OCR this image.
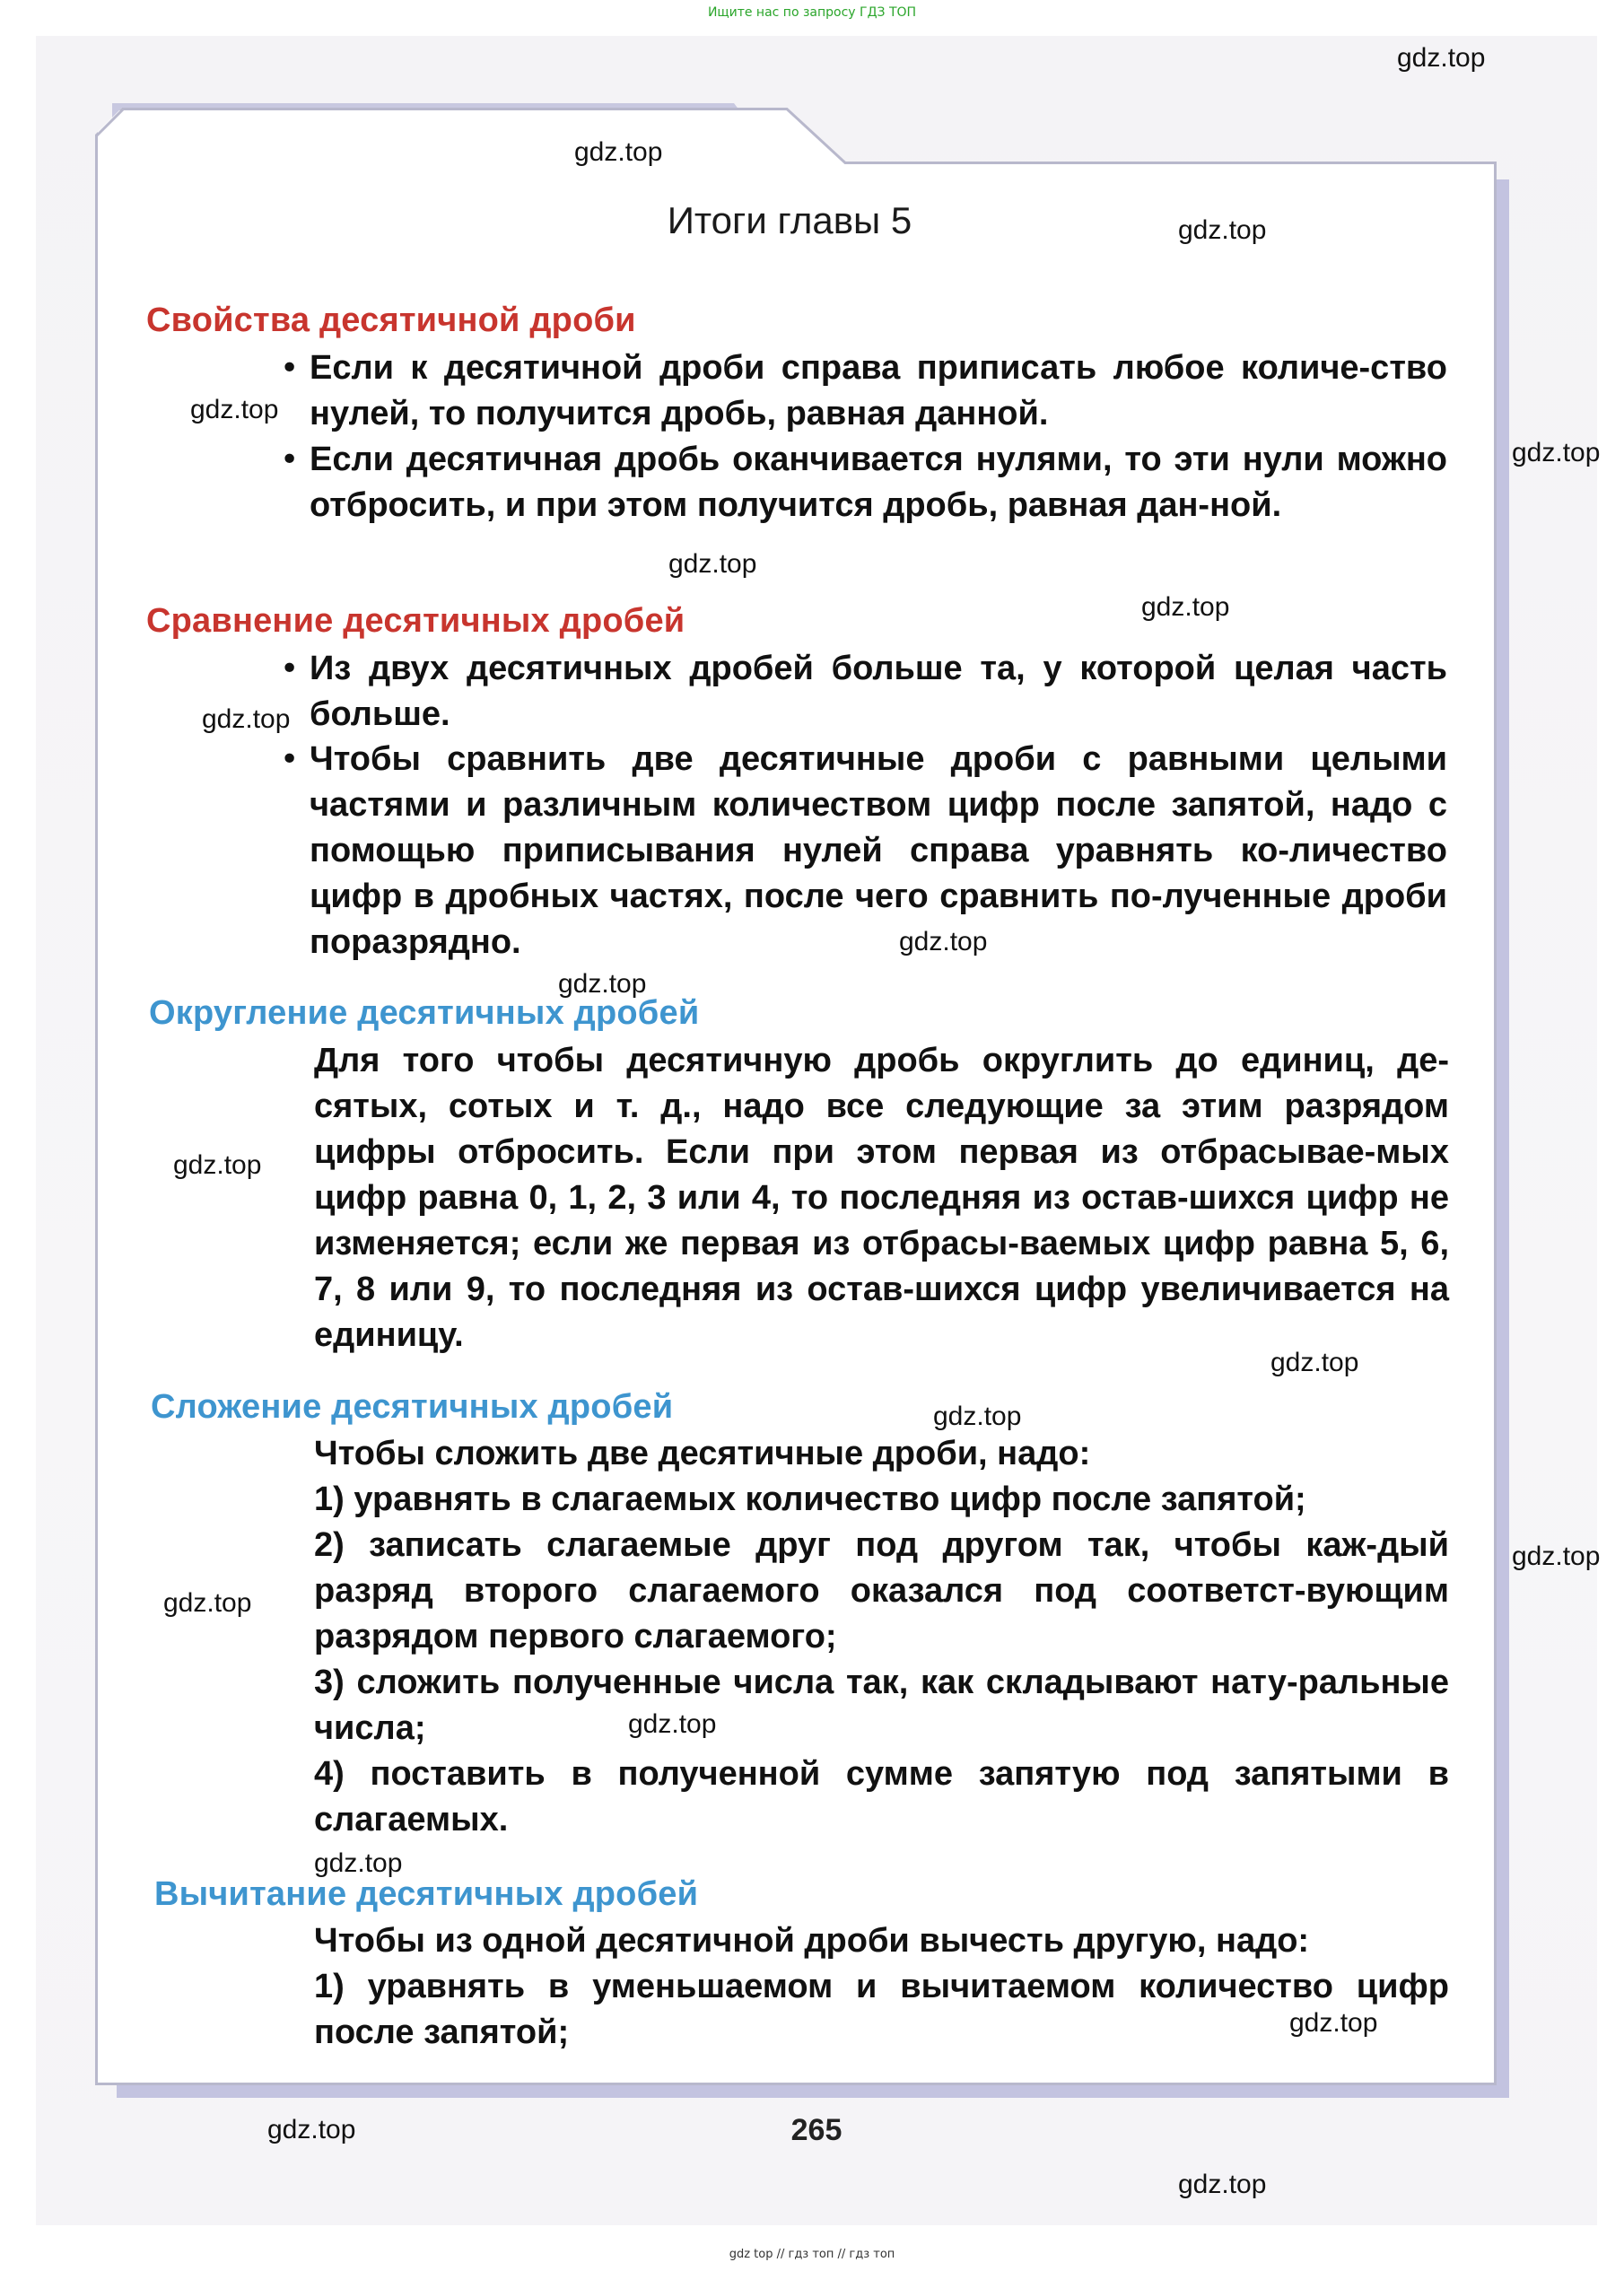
Ищите нас по запросу ГДЗ ТОП
Итоги главы 5
Свойства десятичной дроби
• Если к десятичной дроби справа приписать любое количе-ство нулей, то получится дробь, равная данной.
• Если десятичная дробь оканчивается нулями, то эти нули можно отбросить, и при этом получится дробь, равная дан-ной.
Сравнение десятичных дробей
• Из двух десятичных дробей больше та, у которой целая часть больше.
• Чтобы сравнить две десятичные дроби с равными целыми частями и различным количеством цифр после запятой, надо с помощью приписывания нулей справа уравнять ко-личество цифр в дробных частях, после чего сравнить по-лученные дроби поразрядно.
Округление десятичных дробей
Для того чтобы десятичную дробь округлить до единиц, де-сятых, сотых и т. д., надо все следующие за этим разрядом цифры отбросить. Если при этом первая из отбрасывае-мых цифр равна 0, 1, 2, 3 или 4, то последняя из остав-шихся цифр не изменяется; если же первая из отбрасы-ваемых цифр равна 5, 6, 7, 8 или 9, то последняя из остав-шихся цифр увеличивается на единицу.
Сложение десятичных дробей
Чтобы сложить две десятичные дроби, надо:
1) уравнять в слагаемых количество цифр после запятой;
2) записать слагаемые друг под другом так, чтобы каж-дый разряд второго слагаемого оказался под соответст-вующим разрядом первого слагаемого;
3) сложить полученные числа так, как складывают нату-ральные числа;
4) поставить в полученной сумме запятую под запятыми в слагаемых.
Вычитание десятичных дробей
Чтобы из одной десятичной дроби вычесть другую, надо:
1) уравнять в уменьшаемом и вычитаемом количество цифр после запятой;
gdz.top
gdz.top
gdz.top
gdz.top
gdz.top
gdz.top
gdz.top
gdz.top
gdz.top
gdz.top
gdz.top
gdz.top
gdz.top
gdz.top
gdz.top
gdz.top
gdz.top
gdz.top
gdz.top
gdz.top
265
gdz top // гдз топ // гдз топ
